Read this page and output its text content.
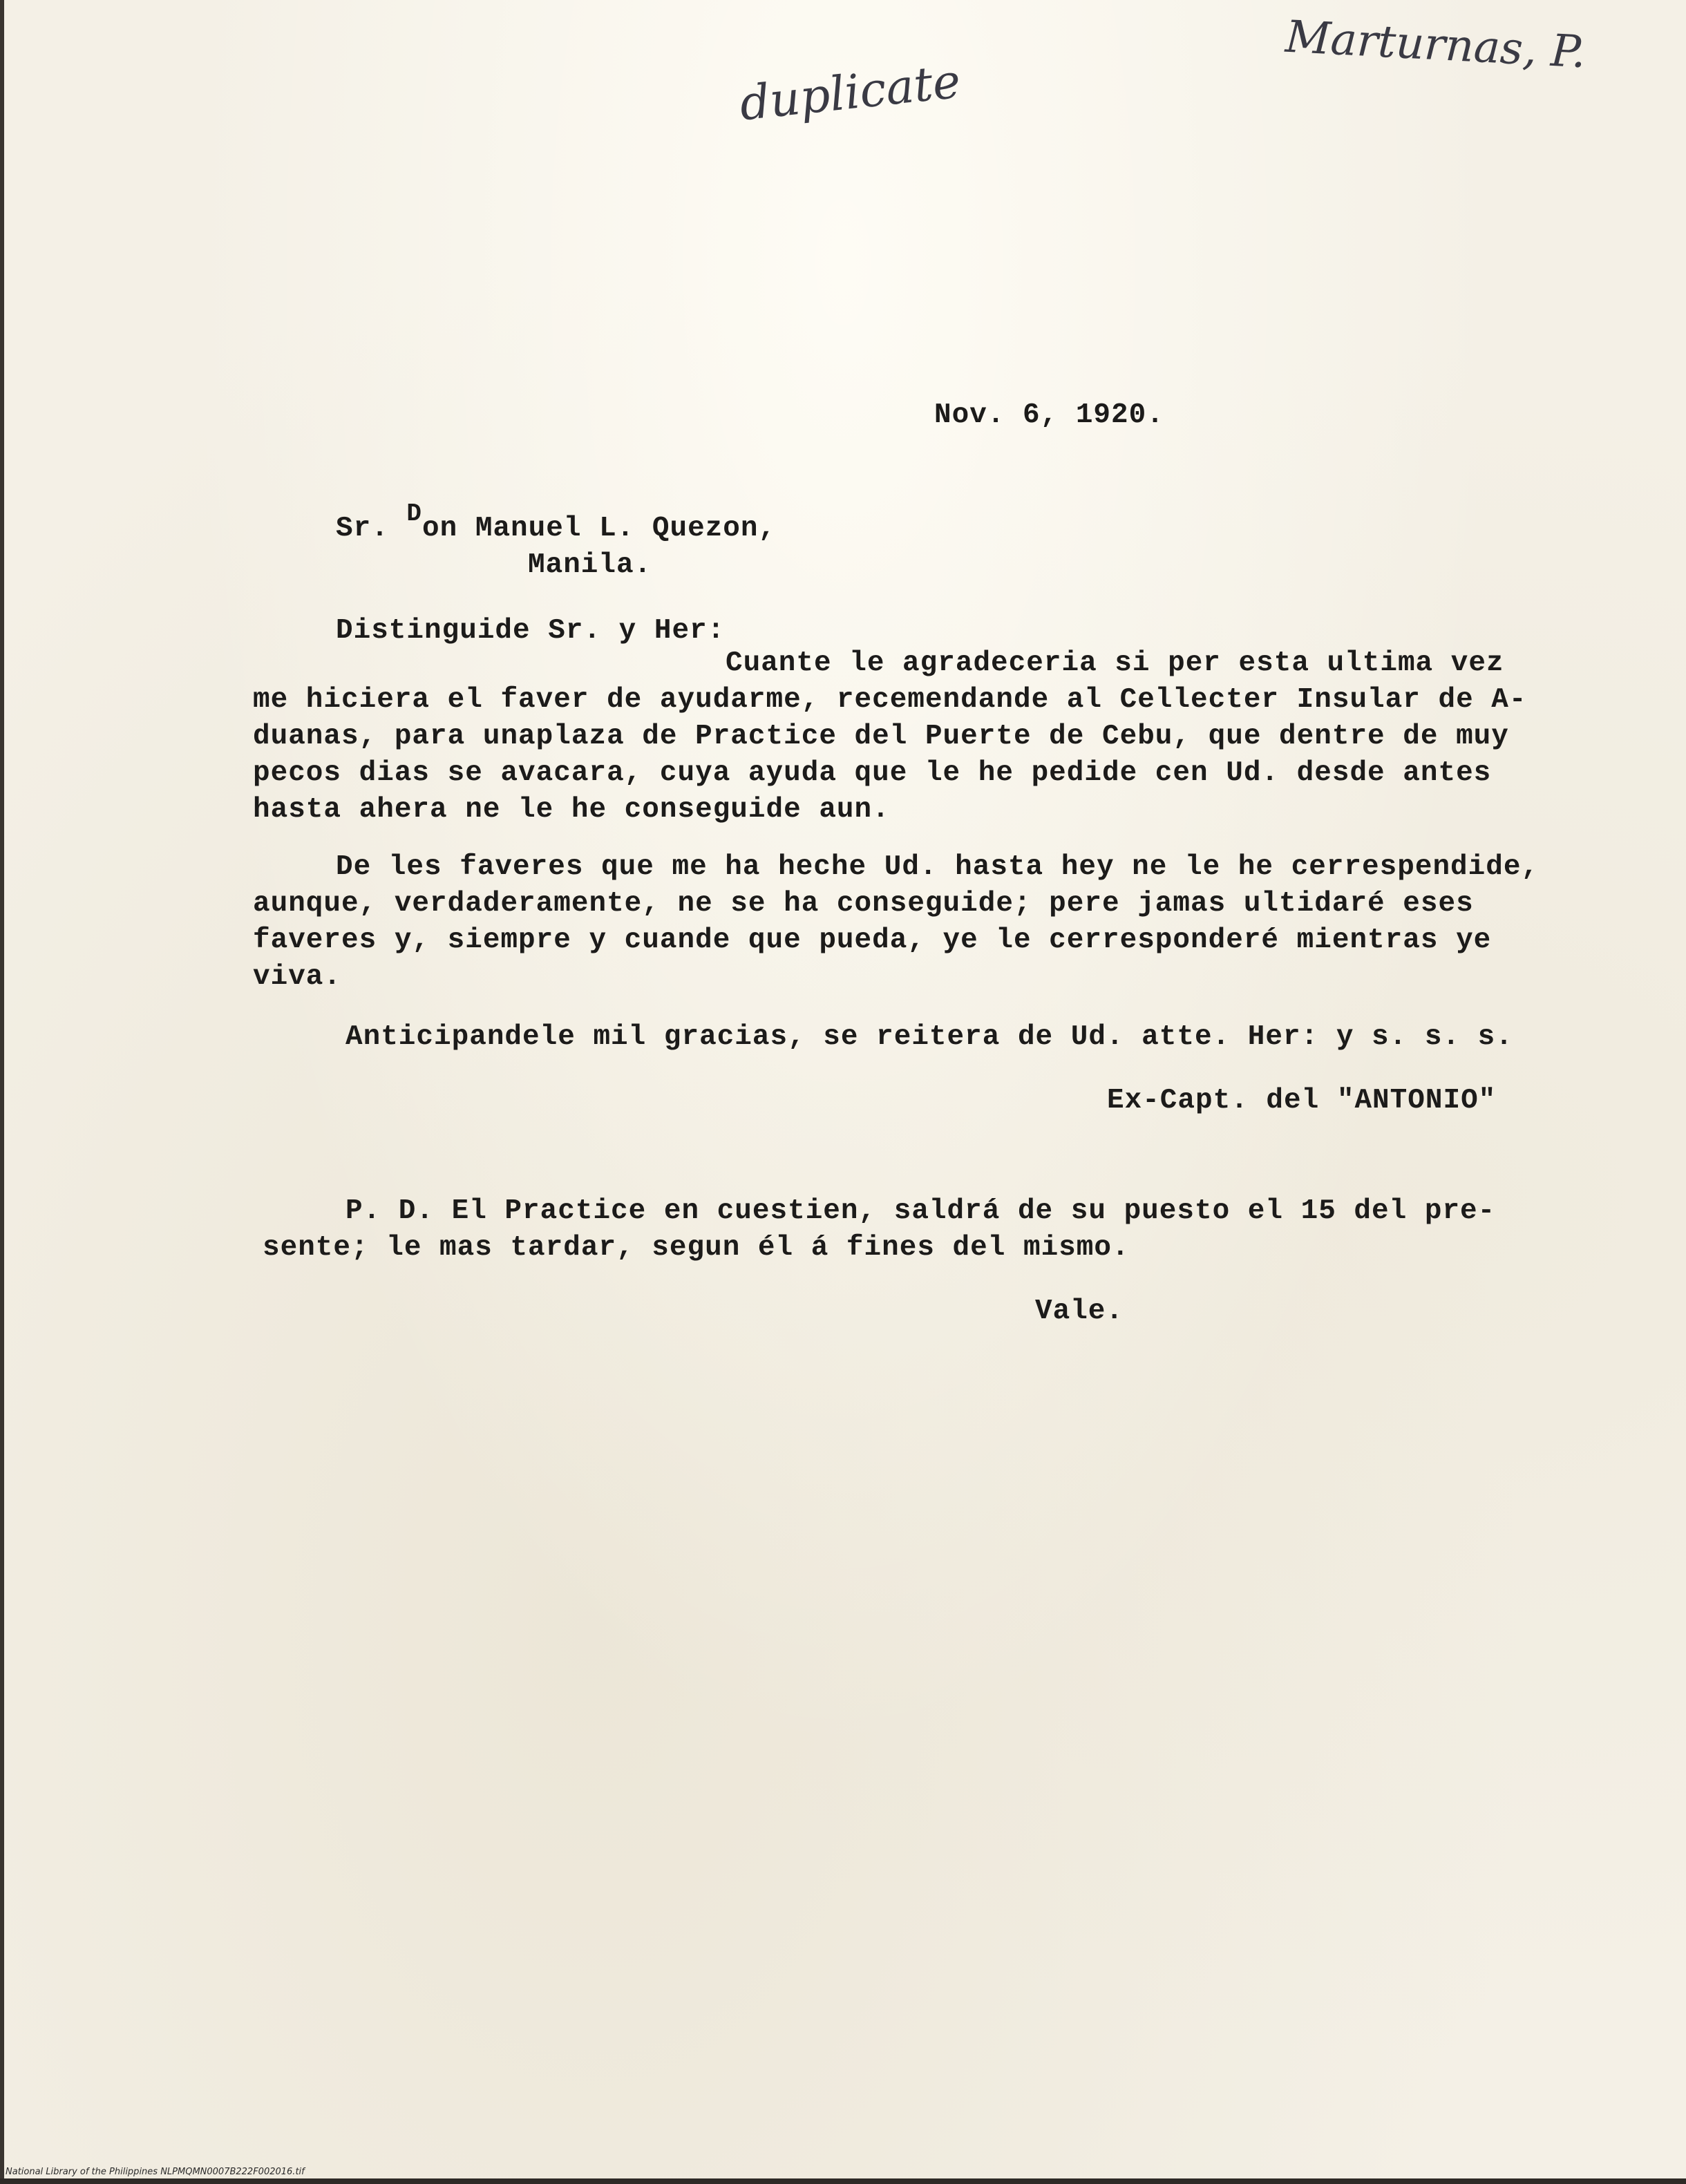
duplicate
Marturnas, P.
Nov. 6, 1920.
Sr. Don Manuel L. Quezon,
Manila.
Distinguide Sr. y Her:
Cuante le agradeceria si per esta ultima vez
me hiciera el faver de ayudarme, recemendande al Cellecter Insular de A-
duanas, para unaplaza de Practice del Puerte de Cebu, que dentre de muy
pecos dias se avacara, cuya ayuda que le he pedide cen Ud. desde antes
hasta ahera ne le he conseguide aun.
De les faveres que me ha heche Ud. hasta hey ne le he cerrespendide,
aunque, verdaderamente, ne se ha conseguide; pere jamas ultidaré eses
faveres y, siempre y cuande que pueda, ye le cerresponderé mientras ye
viva.
Anticipandele mil gracias, se reitera de Ud. atte. Her: y s. s. s.
Ex-Capt. del "ANTONIO"
P. D. El Practice en cuestien, saldrá de su puesto el 15 del pre-
sente; le mas tardar, segun él á fines del mismo.
Vale.
National Library of the Philippines NLPMQMN0007B222F002016.tif
